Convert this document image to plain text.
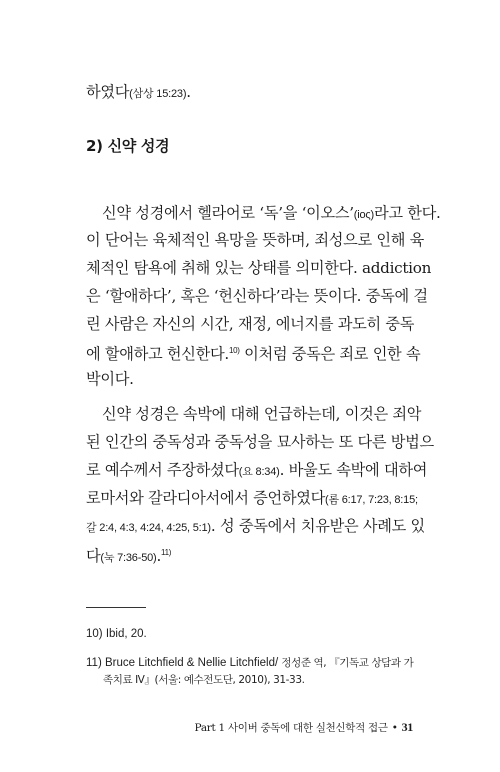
하였다(삼상 15:23).
2) 신약 성경
신약 성경에서 헬라어로 ‘독’을 ‘이오스’(ioς)라고 한다.
이 단어는 육체적인 욕망을 뜻하며, 죄성으로 인해 육
체적인 탐욕에 취해 있는 상태를 의미한다. addiction
은 ‘할애하다’, 혹은 ‘헌신하다’라는 뜻이다. 중독에 걸
린 사람은 자신의 시간, 재정, 에너지를 과도히 중독
에 할애하고 헌신한다.$^{10)}$ 이처럼 중독은 죄로 인한 속
박이다.
신약 성경은 속박에 대해 언급하는데, 이것은 죄악
된 인간의 중독성과 중독성을 묘사하는 또 다른 방법으
로 예수께서 주장하셨다(요 8:34). 바울도 속박에 대하여
로마서와 갈라디아서에서 증언하였다(롬 6:17, 7:23, 8:15;
갈 2:4, 4:3, 4:24, 4:25, 5:1). 성 중독에서 치유받은 사례도 있
다(눅 7:36-50).$^{11)}$
10) Ibid, 20.
11) Bruce Litchfield & Nellie Litchfield/ 정성준 역, 『기독교 상담과 가
족치료 Ⅳ』(서울: 예수전도단, 2010), 31-33.
Part 1 사이버 중독에 대한 실천신학적 접근 • 31
